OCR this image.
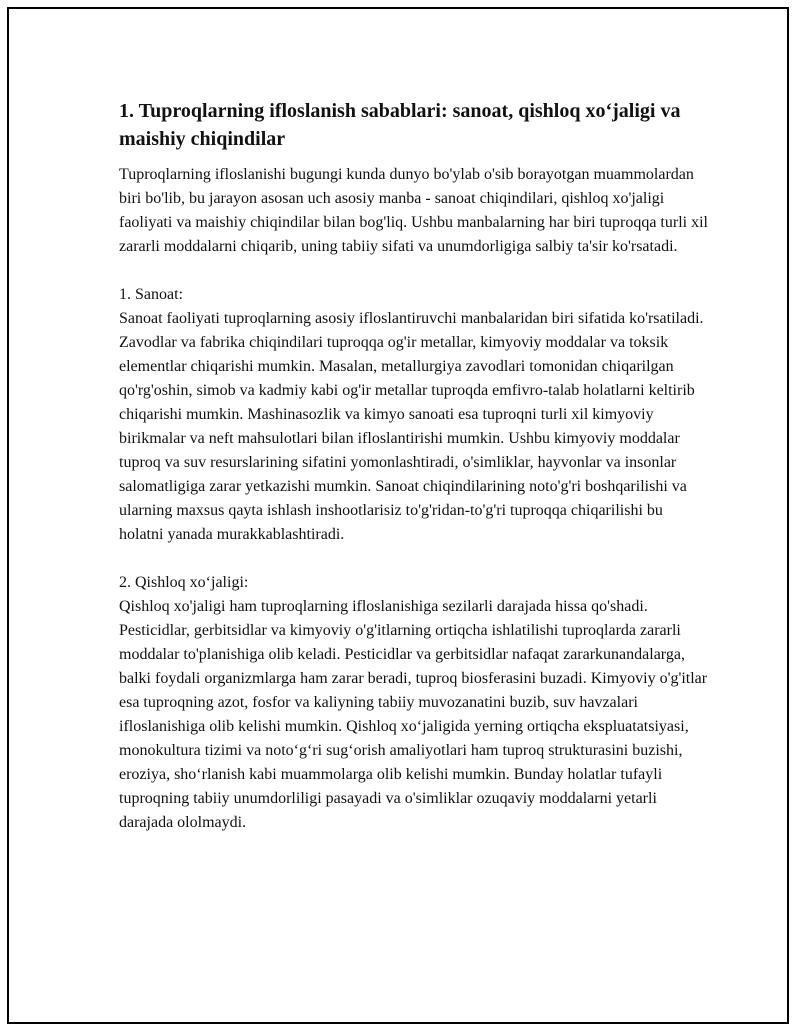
1. Tuproqlarning ifloslanish sabablari: sanoat, qishloq xo‘jaligi va maishiy chiqindilar

Tuproqlarning ifloslanishi bugungi kunda dunyo bo'ylab o'sib borayotgan muammolardan biri bo'lib, bu jarayon asosan uch asosiy manba - sanoat chiqindilari, qishloq xo'jaligi faoliyati va maishiy chiqindilar bilan bog'liq. Ushbu manbalarning har biri tuproqqa turli xil zararli moddalarni chiqarib, uning tabiiy sifati va unumdorligiga salbiy ta'sir ko'rsatadi.

1. Sanoat:

Sanoat faoliyati tuproqlarning asosiy ifloslantiruvchi manbalaridan biri sifatida ko'rsatiladi. Zavodlar va fabrika chiqindilari tuproqqa og'ir metallar, kimyoviy moddalar va toksik elementlar chiqarishi mumkin. Masalan, metallurgiya zavodlari tomonidan chiqarilgan qo'rg'oshin, simob va kadmiy kabi og'ir metallar tuproqda emfivro-talab holatlarni keltirib chiqarishi mumkin. Mashinasozlik va kimyo sanoati esa tuproqni turli xil kimyoviy birikmalar va neft mahsulotlari bilan ifloslantirishi mumkin. Ushbu kimyoviy moddalar tuproq va suv resurslarining sifatini yomonlashtiradi, o'simliklar, hayvonlar va insonlar salomatligiga zarar yetkazishi mumkin. Sanoat chiqindilarining noto'g'ri boshqarilishi va ularning maxsus qayta ishlash inshootlarisiz to'g'ridan-to'g'ri tuproqqa chiqarilishi bu holatni yanada murakkablashtiradi.

2. Qishloq xo‘jaligi:

Qishloq xo'jaligi ham tuproqlarning ifloslanishiga sezilarli darajada hissa qo'shadi. Pesticidlar, gerbitsidlar va kimyoviy o'g'itlarning ortiqcha ishlatilishi tuproqlarda zararli moddalar to'planishiga olib keladi. Pesticidlar va gerbitsidlar nafaqat zararkunandalarga, balki foydali organizmlarga ham zarar beradi, tuproq biosferasini buzadi. Kimyoviy o'g'itlar esa tuproqning azot, fosfor va kaliyning tabiiy muvozanatini buzib, suv havzalari ifloslanishiga olib kelishi mumkin. Qishloq xo‘jaligida yerning ortiqcha ekspluatatsiyasi, monokultura tizimi va noto‘g‘ri sug‘orish amaliyotlari ham tuproq strukturasini buzishi, eroziya, sho‘rlanish kabi muammolarga olib kelishi mumkin. Bunday holatlar tufayli tuproqning tabiiy unumdorliligi pasayadi va o'simliklar ozuqaviy moddalarni yetarli darajada ololmaydi.
